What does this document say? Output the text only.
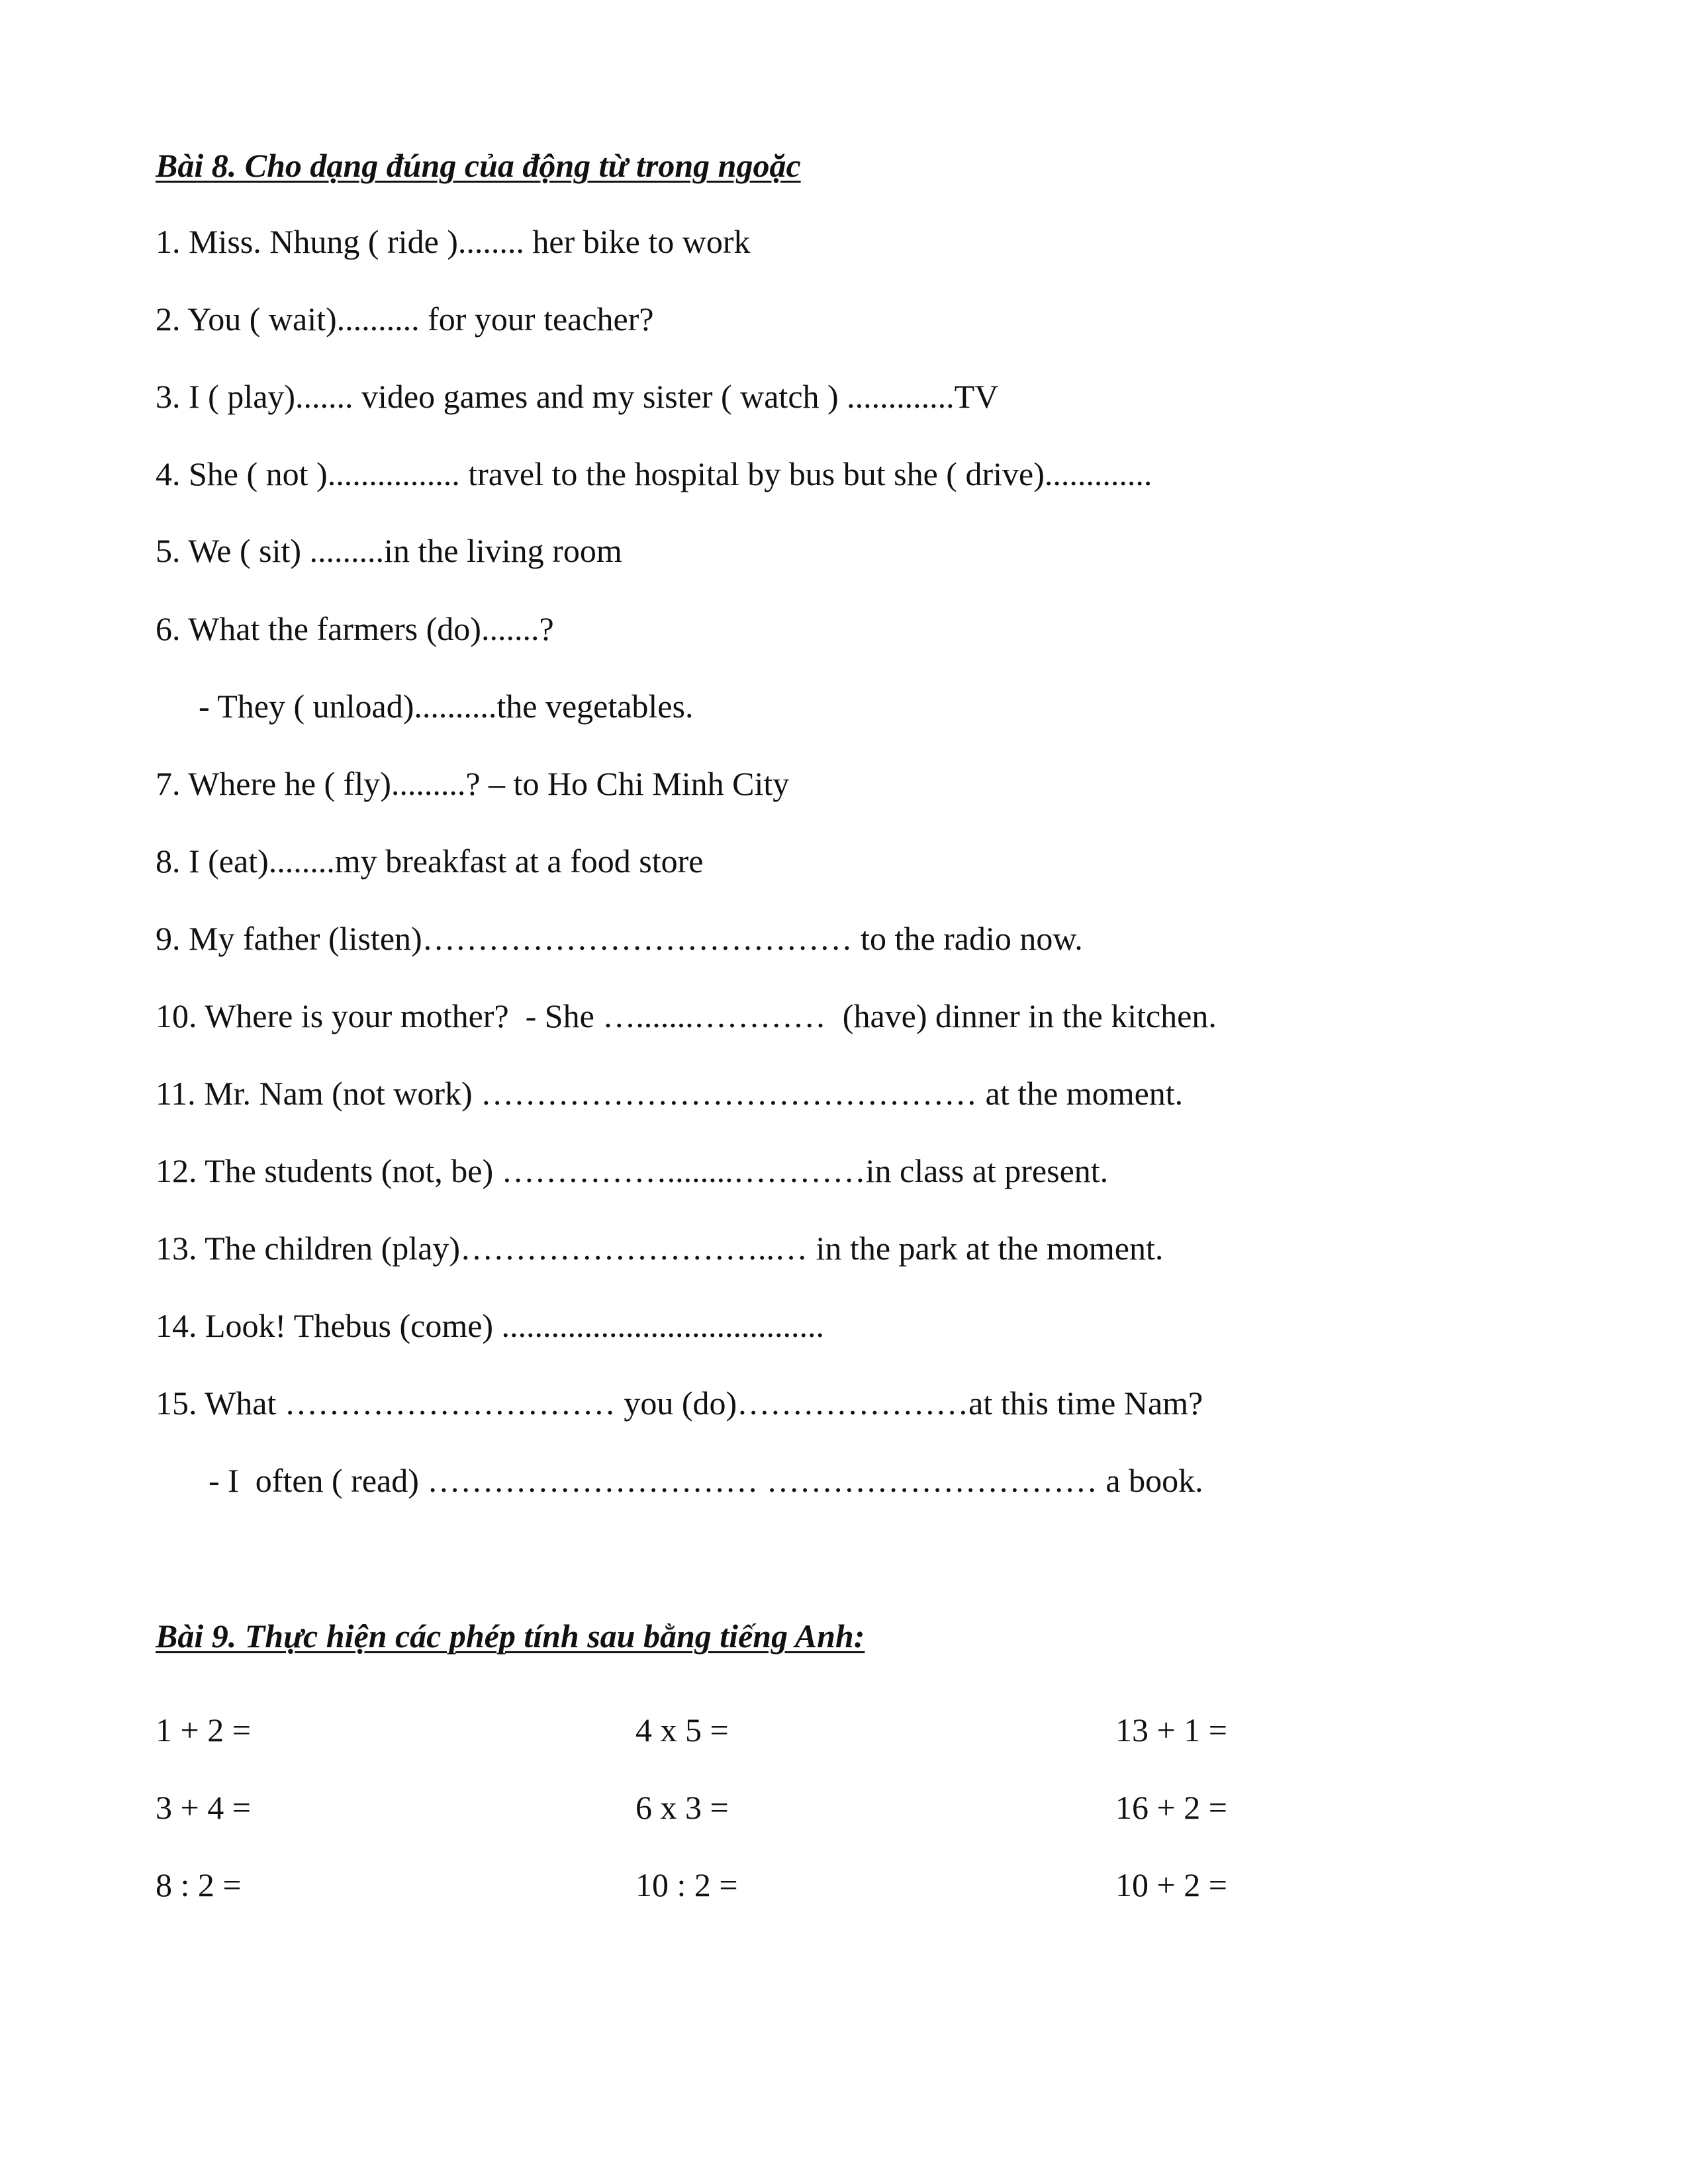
Bài 8. Cho dạng đúng của động từ trong ngoặc
1. Miss. Nhung ( ride )........ her bike to work
2. You ( wait).......... for your teacher?
3. I ( play)....... video games and my sister ( watch ) .............TV
4. She ( not )................ travel to the hospital by bus but she ( drive).............
5. We ( sit) .........in the living room
6. What the farmers (do).......?
- They ( unload)..........the vegetables.
7. Where he ( fly).........? – to Ho Chi Minh City
8. I (eat)........my breakfast at a food store
9. My father (listen)………………………………… to the radio now.
10. Where is your mother?  - She ….......…………  (have) dinner in the kitchen.
11. Mr. Nam (not work) ……………………………………… at the moment.
12. The students (not, be) ……………........…………in class at present.
13. The children (play)………………………..… in the park at the moment.
14. Look! Thebus (come) .......................................
15. What ………………………… you (do)…………………at this time Nam?
- I  often ( read) ………………………… ………………………… a book.
Bài 9. Thực hiện các phép tính sau bằng tiếng Anh:
1 + 2 =	4 x 5 =	13 + 1 =
3 + 4 =	6 x 3 =	16 + 2 =
8 : 2 =	10 : 2 =	10 + 2 =
